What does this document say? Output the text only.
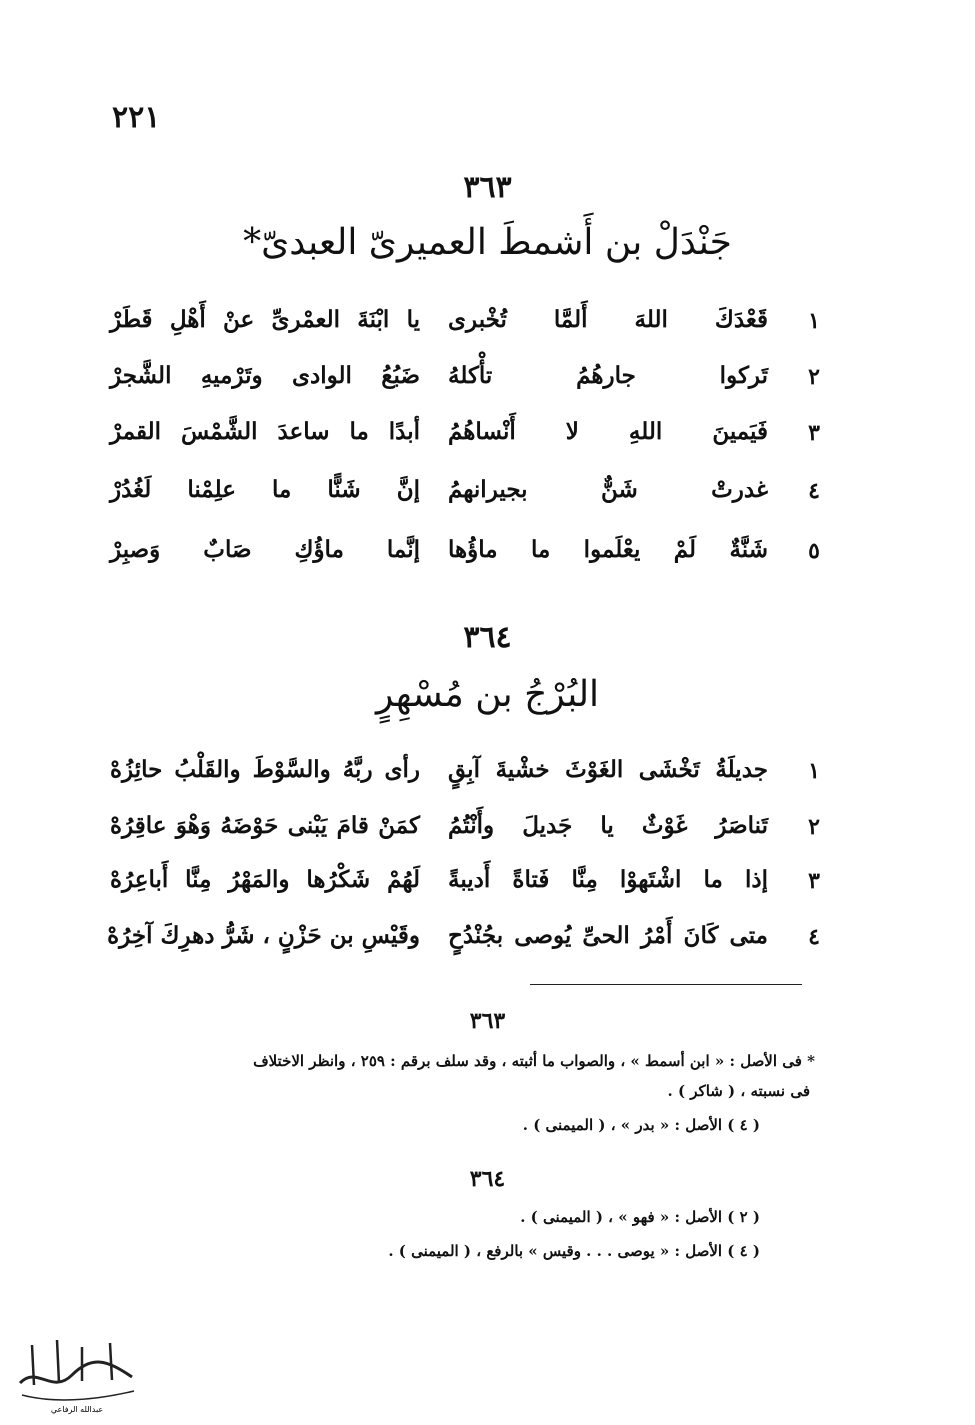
٢٢١
٣٦٣
جَنْدَلْ بن أَشمطَ العميرىّ العبدىّ*
١
قَعْدَكَ اللهَ أَلمَّا تُخْبرى
يا ابْنَةَ العمْرىِّ عنْ أَهْلِ قَطَرْ
٢
تَركوا جارهُمُ تأْكلهُ
ضَبُعُ الوادى وتَرْميهِ الشَّجرْ
٣
فَيَمينَ اللهِ لا أَنْساهُمُ
أبدًا ما ساعدَ الشَّمْسَ القمرْ
٤
غدرتْ شَنٌّ بجيرانهمُ
إنَّ شَنًّا ما علِمْنا لَغُدُرْ
٥
شَنَّةٌ لَمْ يعْلَموا ما ماؤُها
إنَّما ماؤُكِ صَابٌ وَصبِرْ
٣٦٤
البُرْجُ بن مُسْهِرٍ
١
جديلَةُ تَخْشَى الغَوْثَ خشْيةَ آبِقٍ
رأى ربَّهُ والسَّوْطَ والقَلْبُ حائِزُهْ
٢
تَناصَرُ غَوْثٌ يا جَديلَ وأَنْتُمُ
كمَنْ قامَ يَبْنى حَوْضَهُ وَهْوَ عاقِرُهْ
٣
إذا ما اشْتَهوْا مِنَّا فَتاةً أَديبةً
لَهُمْ شَكْرُها والمَهْرُ مِنَّا أَباعِرُهْ
٤
متى كَانَ أَمْرُ الحىِّ يُوصى بجُنْدُحٍ
وقَيْسِ بن حَزْنٍ ، شَرُّ دهرِكَ آخِرُهْ
٣٦٣
* فى الأصل : « ابن أسمط » ، والصواب ما أثبته ، وقد سلف برقم : ٢٥٩ ، وانظر الاختلاف
فى نسبته ، ( شاكر ) .
( ٤ ) الأصل : « بدر » ، ( الميمنى ) .
٣٦٤
( ٢ ) الأصل : « فهو » ، ( الميمنى ) .
( ٤ ) الأصل : « يوصى . . . وقيس » بالرفع ، ( الميمنى ) .
عبدالله الرفاعي
